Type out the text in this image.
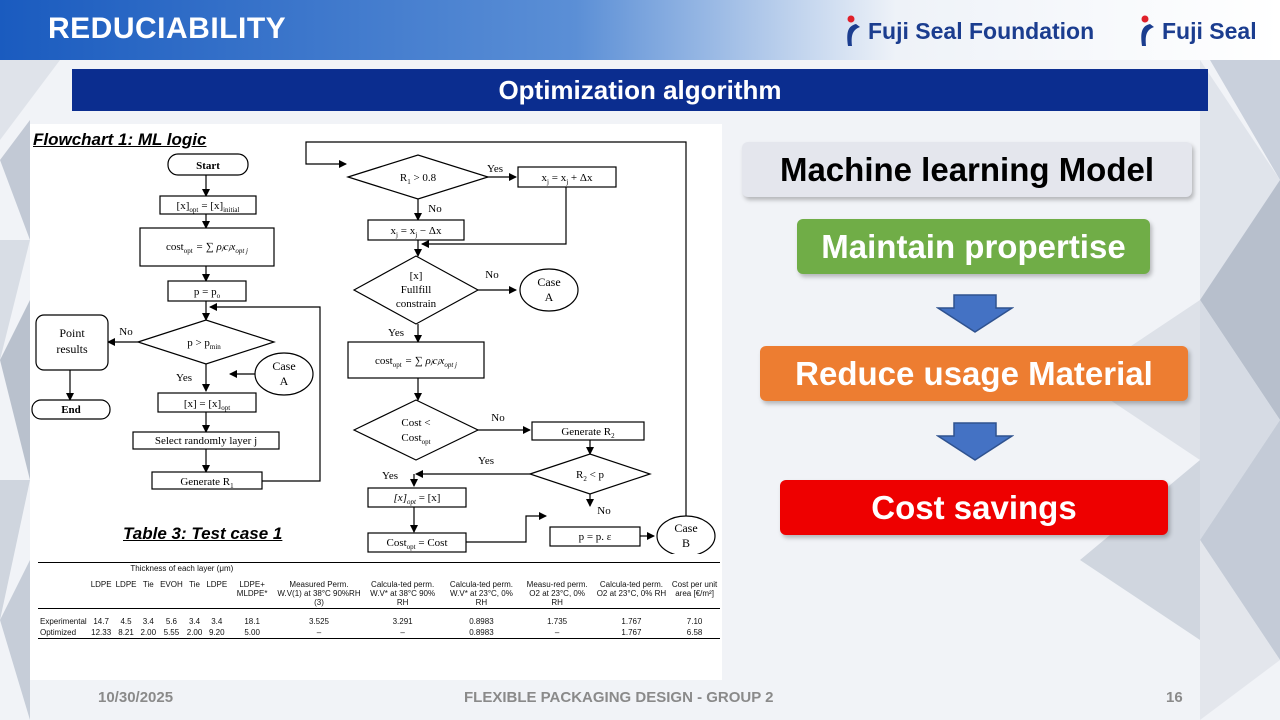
REDUCIABILITY	Fuji Seal Foundation	Fuji Seal
Optimization algorithm
Start
$[x]_{opt} = [x]_{initial}$
cost$_{opt}$ = ∑ ρⱼcⱼx$_{opt j}$
$p = p_o$
$p > p_{min}$
No
Yes
Point
results
End
Case
A
$[x] = [x]_{opt}$
Select randomly layer j
Generate $R_1$
$R_1 > 0.8$
Yes
No
$x_j = x_j + \Delta x$
$x_j = x_j - \Delta x$
[x]
Fullfill
constrain
No	Case
A
Yes
cost$_{opt}$ = ∑ ρⱼcⱼx$_{opt j}$
Cost <
Cost$_{opt}$
No
Generate $R_2$
$R_2 < p$
Yes
Yes
No
$[x]_{opt} = [x]$
p = p. ε
Cost$_{opt}$ = Cost
Case
B
Flowchart 1: ML logic
Table 3: Test case 1
	Thickness of each layer (μm)												
	LDPE	LDPE	Tie	EVOH	Tie	LDPE	LDPE+ MLDPE*	Measured Perm. W.V(1) at 38°C 90%RH (3)	Calcula-ted perm. W.V* at 38°C 90% RH	Calcula-ted perm. W.V* at 23°C, 0% RH	Measu-red perm. O2 at 23°C, 0% RH	Calcula-ted perm. O2 at 23°C, 0% RH	Cost per unit area [€/m²]
Experimental	14.7	4.5	3.4	5.6	3.4	3.4	18.1	3.525	3.291	0.8983	1.735	1.767	7.10
Optimized	12.33	8.21	2.00	5.55	2.00	9.20	5.00	–	–	0.8983	–	1.767	6.58
Machine learning Model
Maintain propertise
Reduce usage Material
Cost savings
10/30/2025	FLEXIBLE PACKAGING DESIGN - GROUP 2	16
